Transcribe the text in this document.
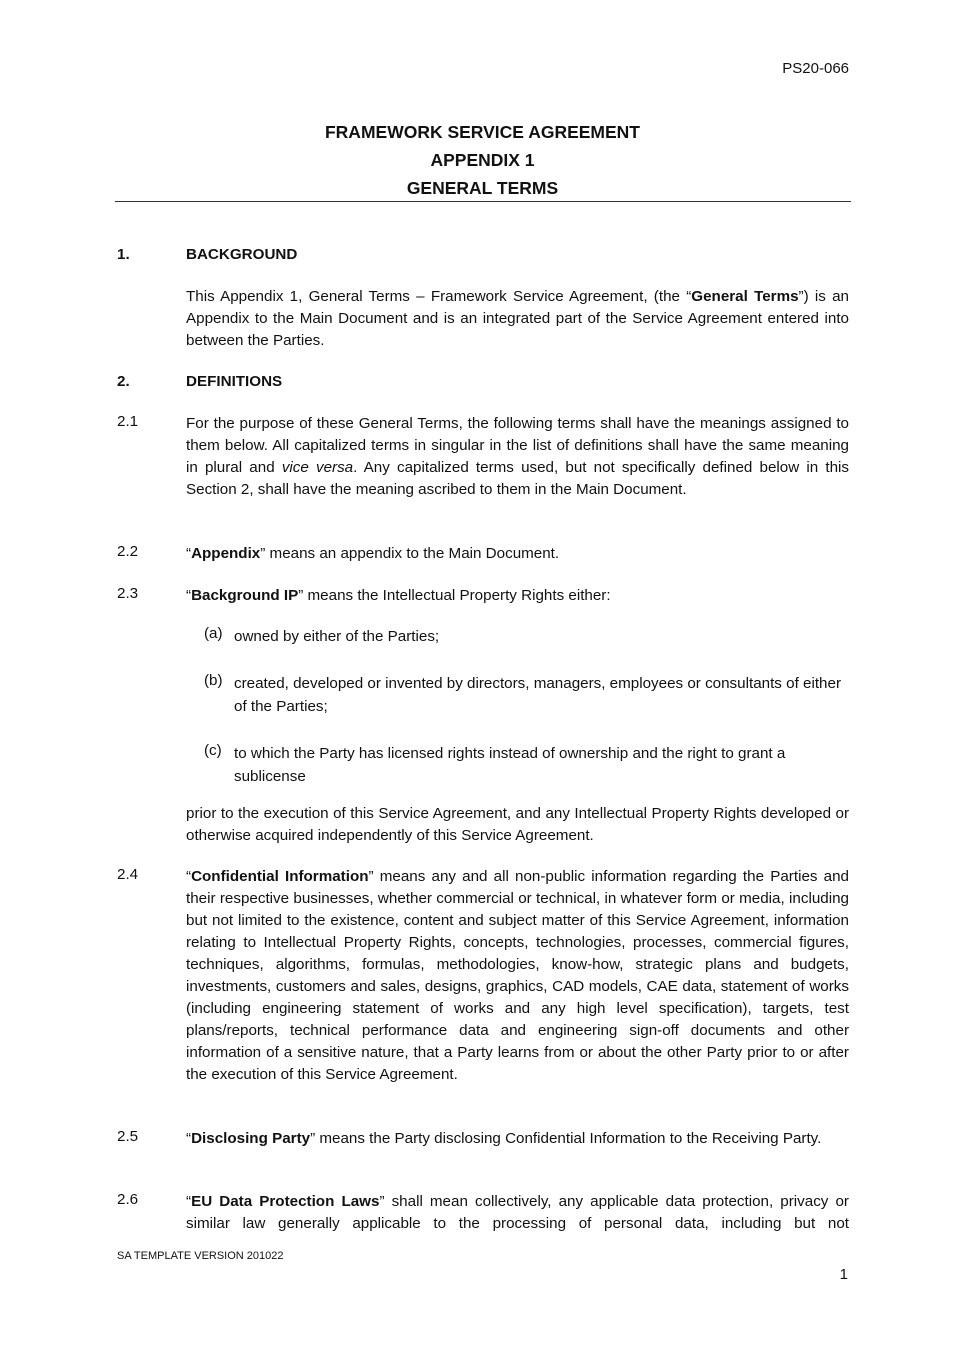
PS20-066
FRAMEWORK SERVICE AGREEMENT
APPENDIX 1
GENERAL TERMS
1.	BACKGROUND
This Appendix 1, General Terms – Framework Service Agreement, (the “General Terms”) is an Appendix to the Main Document and is an integrated part of the Service Agreement entered into between the Parties.
2.	DEFINITIONS
2.1	For the purpose of these General Terms, the following terms shall have the meanings assigned to them below. All capitalized terms in singular in the list of definitions shall have the same meaning in plural and vice versa. Any capitalized terms used, but not specifically defined below in this Section 2, shall have the meaning ascribed to them in the Main Document.
2.2	“Appendix” means an appendix to the Main Document.
2.3	“Background IP” means the Intellectual Property Rights either:
(a) owned by either of the Parties;
(b) created, developed or invented by directors, managers, employees or consultants of either of the Parties;
(c) to which the Party has licensed rights instead of ownership and the right to grant a sublicense
prior to the execution of this Service Agreement, and any Intellectual Property Rights developed or otherwise acquired independently of this Service Agreement.
2.4	“Confidential Information” means any and all non-public information regarding the Parties and their respective businesses, whether commercial or technical, in whatever form or media, including but not limited to the existence, content and subject matter of this Service Agreement, information relating to Intellectual Property Rights, concepts, technologies, processes, commercial figures, techniques, algorithms, formulas, methodologies, know-how, strategic plans and budgets, investments, customers and sales, designs, graphics, CAD models, CAE data, statement of works (including engineering statement of works and any high level specification), targets, test plans/reports, technical performance data and engineering sign-off documents and other information of a sensitive nature, that a Party learns from or about the other Party prior to or after the execution of this Service Agreement.
2.5	“Disclosing Party” means the Party disclosing Confidential Information to the Receiving Party.
2.6	“EU Data Protection Laws” shall mean collectively, any applicable data protection, privacy or similar law generally applicable to the processing of personal data, including but not
SA TEMPLATE VERSION 201022
1
